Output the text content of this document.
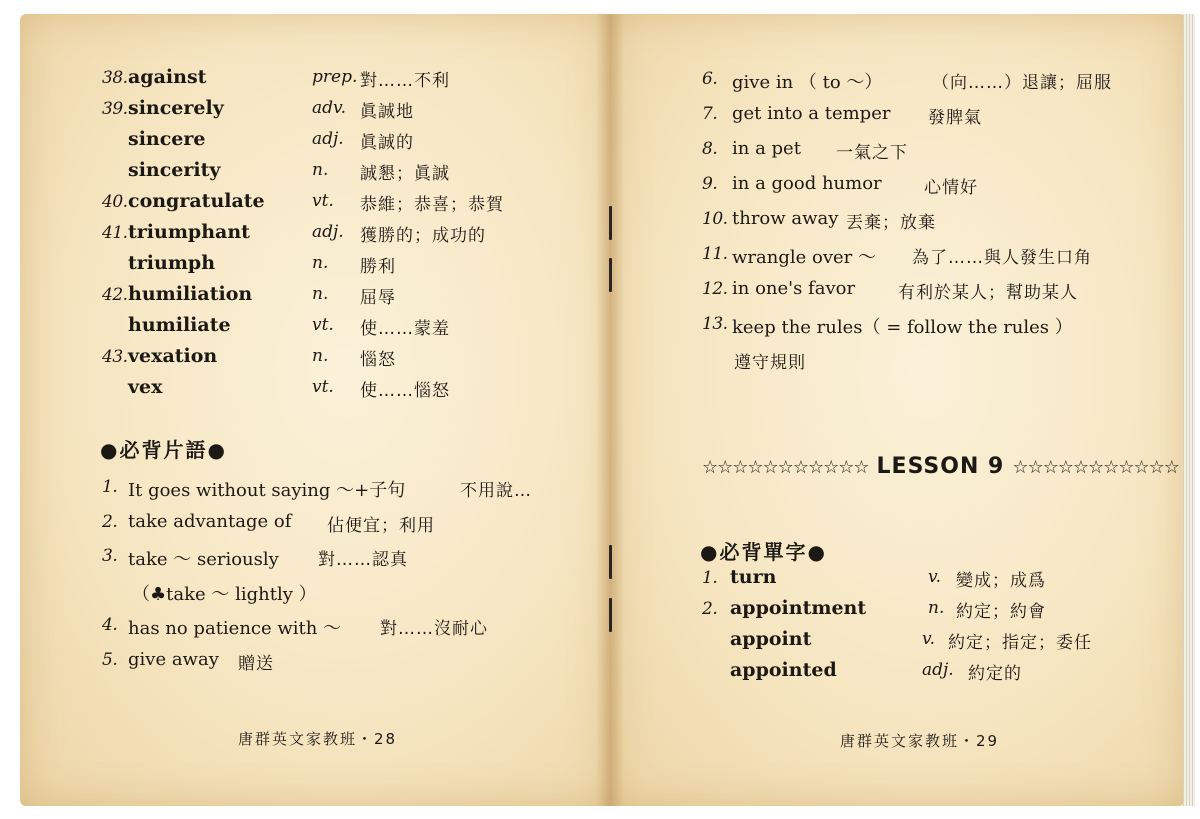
38. against	prep. 對……不利
39. sincerely	adv. 眞誠地
sincere	adj. 眞誠的
sincerity	n. 誠懇；眞誠
40. congratulate	vt. 恭維；恭喜；恭賀
41. triumphant	adj. 獲勝的；成功的
triumph	n. 勝利
42. humiliation	n. 屈辱
humiliate	vt. 使……蒙羞
43. vexation	n. 惱怒
vex	vt. 使……惱怒
●必背片語●
1. It goes without saying ～+子句	不用說…
2. take advantage of 佔便宜；利用
3. take ～ seriously 對……認真
（♣take ～ lightly ）
4. has no patience with ～ 對……沒耐心
5. give away 贈送
唐群英文家教班・28
6. give in （ to ～）	（向……）退讓；屈服
7. get into a temper 發脾氣
8. in a pet 一氣之下
9. in a good humor 心情好
10. throw away 丟棄；放棄
11. wrangle over ～ 為了……與人發生口角
12. in one's favor	有利於某人；幫助某人
13. keep the rules（ = follow the rules ）
遵守規則
☆☆☆☆☆☆☆☆☆☆☆ LESSON 9 ☆☆☆☆☆☆☆☆☆☆☆
●必背單字●
1. turn	v. 變成；成爲
2. appointment	n. 約定；約會
appoint	v. 約定；指定；委任
appointed	adj. 約定的
唐群英文家教班・29
